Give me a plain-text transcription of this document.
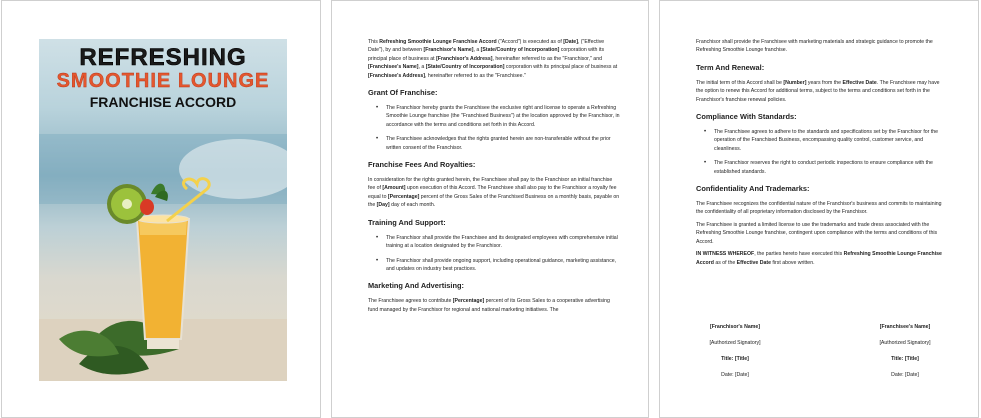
REFRESHING
SMOOTHIE LOUNGE
FRANCHISE ACCORD

This Refreshing Smoothie Lounge Franchise Accord ("Accord") is executed as of [Date], ("Effective Date"), by and between [Franchisor's Name], a [State/Country of Incorporation] corporation with its principal place of business at [Franchisor's Address], hereinafter referred to as the "Franchisor," and [Franchisee's Name], a [State/Country of Incorporation] corporation with its principal place of business at [Franchisee's Address], hereinafter referred to as the "Franchisee."

Grant Of Franchise:
• The Franchisor hereby grants the Franchisee the exclusive right and license to operate a Refreshing Smoothie Lounge franchise (the "Franchised Business") at the location approved by the Franchisor, in accordance with the terms and conditions set forth in this Accord.
• The Franchisee acknowledges that the rights granted herein are non-transferable without the prior written consent of the Franchisor.
Franchise Fees And Royalties:

In consideration for the rights granted herein, the Franchisee shall pay to the Franchisor an initial franchise fee of [Amount] upon execution of this Accord. The Franchisee shall also pay to the Franchisor a royalty fee equal to [Percentage] percent of the Gross Sales of the Franchised Business on a monthly basis, payable on the [Day] day of each month.

Training And Support:
• The Franchisor shall provide the Franchisee and its designated employees with comprehensive initial training at a location designated by the Franchisor.
• The Franchisor shall provide ongoing support, including operational guidance, marketing assistance, and updates on industry best practices.
Marketing And Advertising:

The Franchisee agrees to contribute [Percentage] percent of its Gross Sales to a cooperative advertising fund managed by the Franchisor for regional and national marketing initiatives. The

Franchisor shall provide the Franchisee with marketing materials and strategic guidance to promote the Refreshing Smoothie Lounge franchise.

Term And Renewal:

The initial term of this Accord shall be [Number] years from the Effective Date. The Franchisee may have the option to renew this Accord for additional terms, subject to the terms and conditions set forth in the Franchisor's franchise renewal policies.

Compliance With Standards:
• The Franchisee agrees to adhere to the standards and specifications set by the Franchisor for the operation of the Franchised Business, encompassing quality control, customer service, and cleanliness.
• The Franchisor reserves the right to conduct periodic inspections to ensure compliance with the established standards.
Confidentiality And Trademarks:

The Franchisee recognizes the confidential nature of the Franchisor's business and commits to maintaining the confidentiality of all proprietary information disclosed by the Franchisor.

The Franchisee is granted a limited license to use the trademarks and trade dress associated with the Refreshing Smoothie Lounge franchise, contingent upon compliance with the terms and conditions of this Accord.

IN WITNESS WHEREOF, the parties hereto have executed this Refreshing Smoothie Lounge Franchise Accord as of the Effective Date first above written.

[Franchisor's Name]
[Authorized Signatory]
Title: [Title]
Date: [Date]
[Franchisee's Name]
[Authorized Signatory]
Title: [Title]
Date: [Date]
